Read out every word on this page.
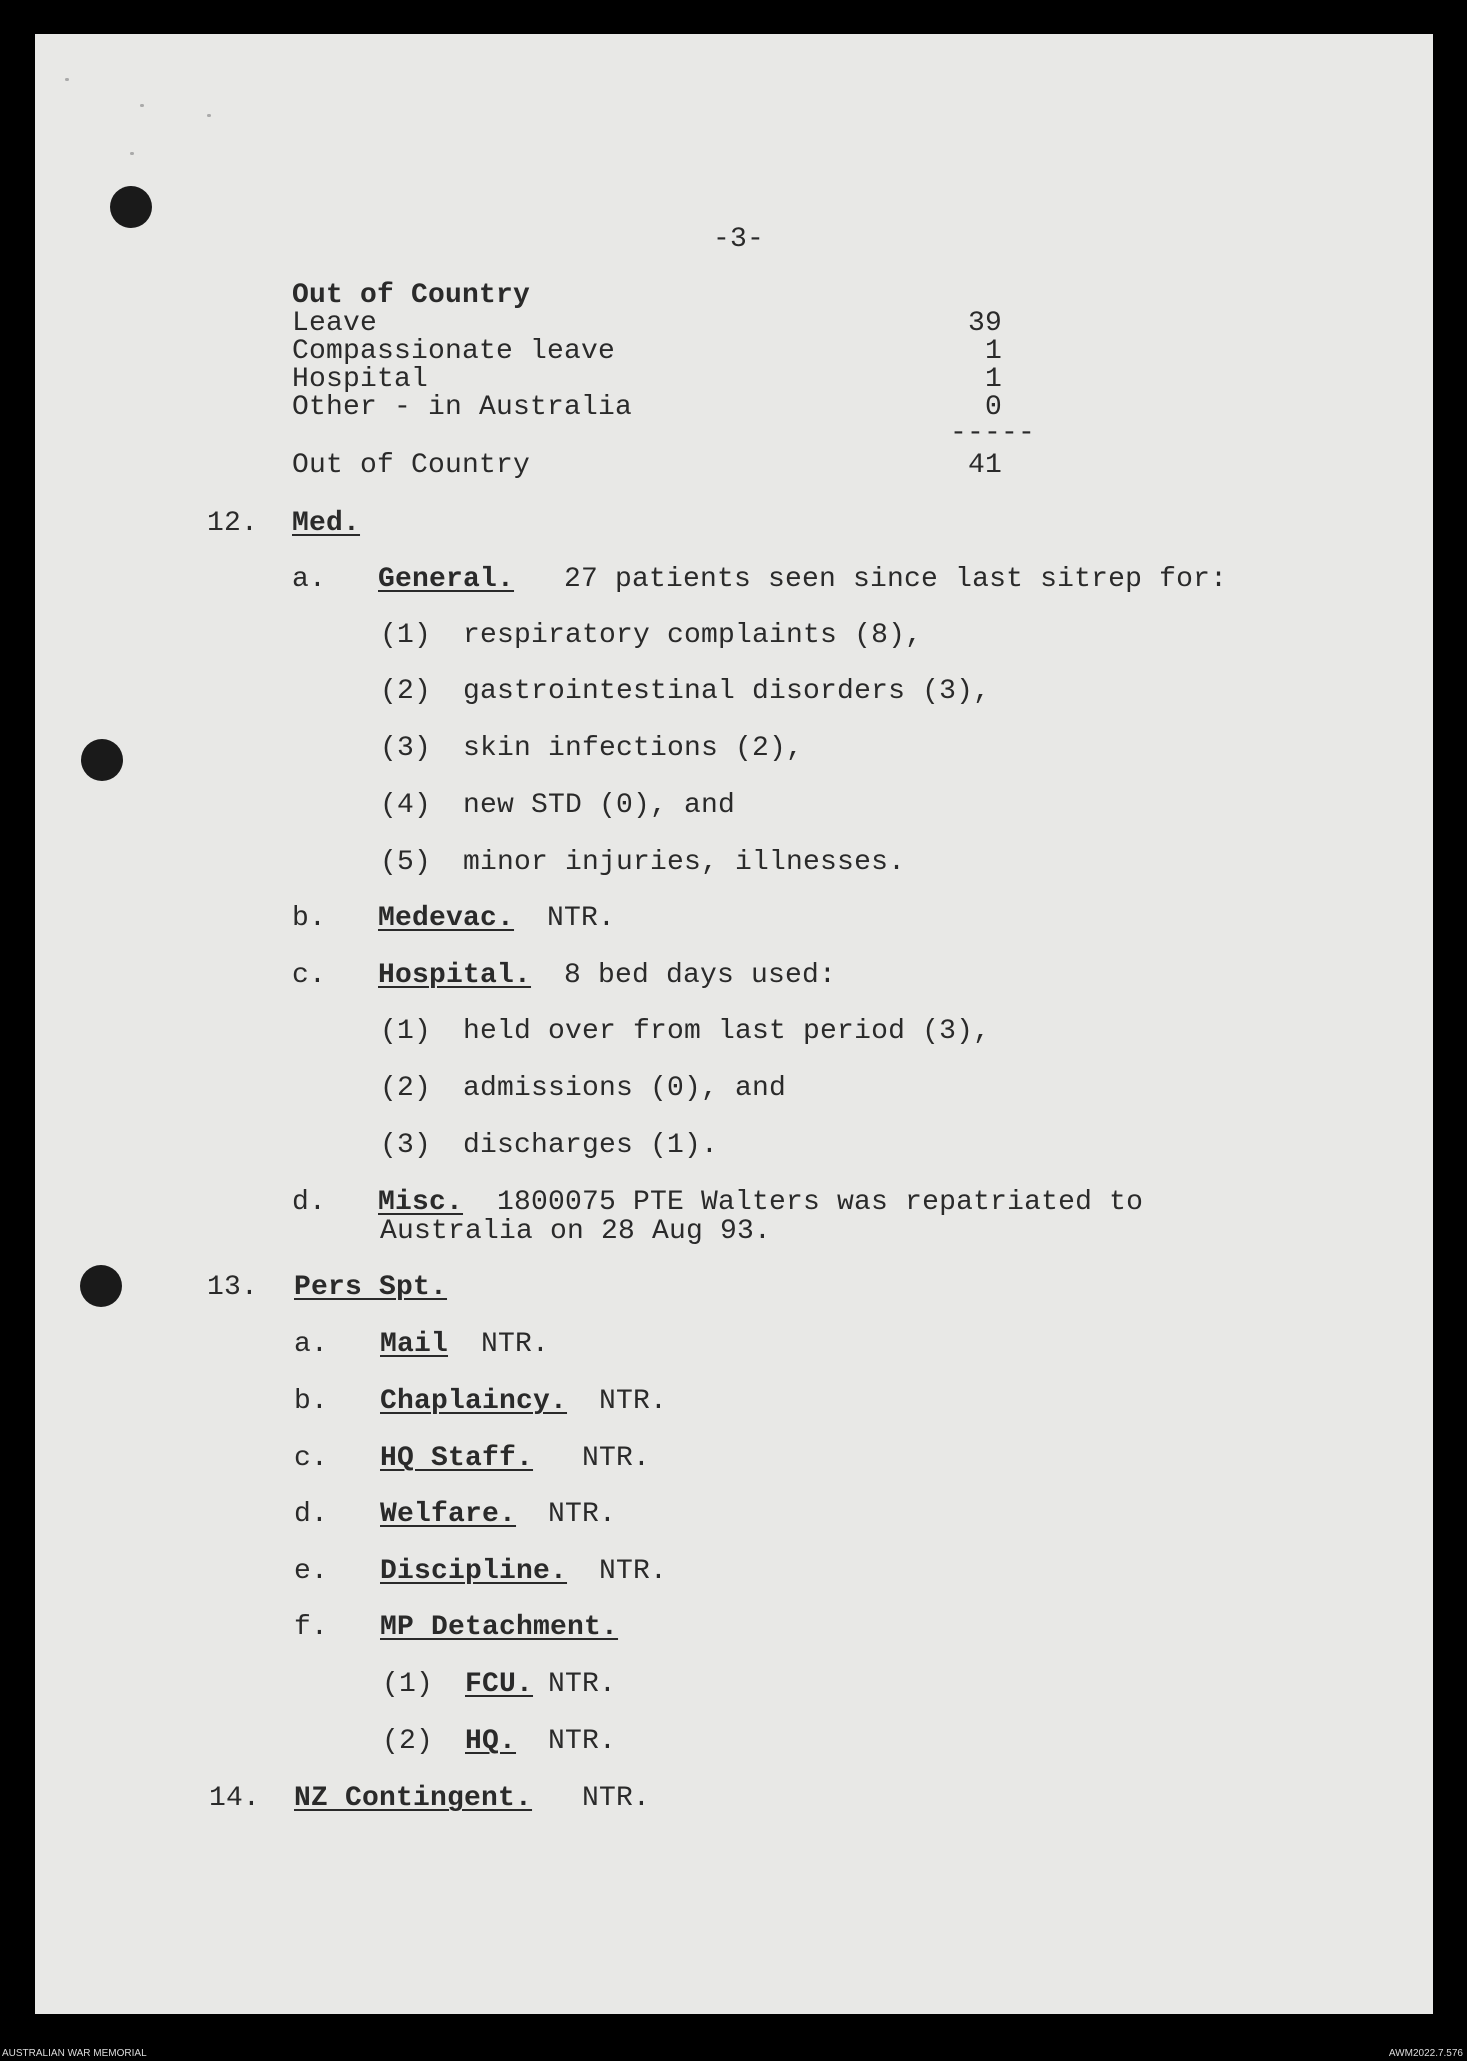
-3-
Out of Country
Leave	39
Compassionate leave	1
Hospital	1
Other - in Australia	0
-----
Out of Country	41
12. Med.
a. General. 27 patients seen since last sitrep for:
(1) respiratory complaints (8),
(2) gastrointestinal disorders (3),
(3) skin infections (2),
(4) new STD (0), and
(5) minor injuries, illnesses.
b. Medevac. NTR.
c. Hospital. 8 bed days used:
(1) held over from last period (3),
(2) admissions (0), and
(3) discharges (1).
d. Misc. 1800075 PTE Walters was repatriated to
Australia on 28 Aug 93.
13. Pers Spt.
a. Mail NTR.
b. Chaplaincy. NTR.
c. HQ Staff. NTR.
d. Welfare. NTR.
e. Discipline. NTR.
f. MP Detachment.
(1) FCU. NTR.
(2) HQ. NTR.
14. NZ Contingent. NTR.
AUSTRALIAN WAR MEMORIAL	AWM2022.7.576
